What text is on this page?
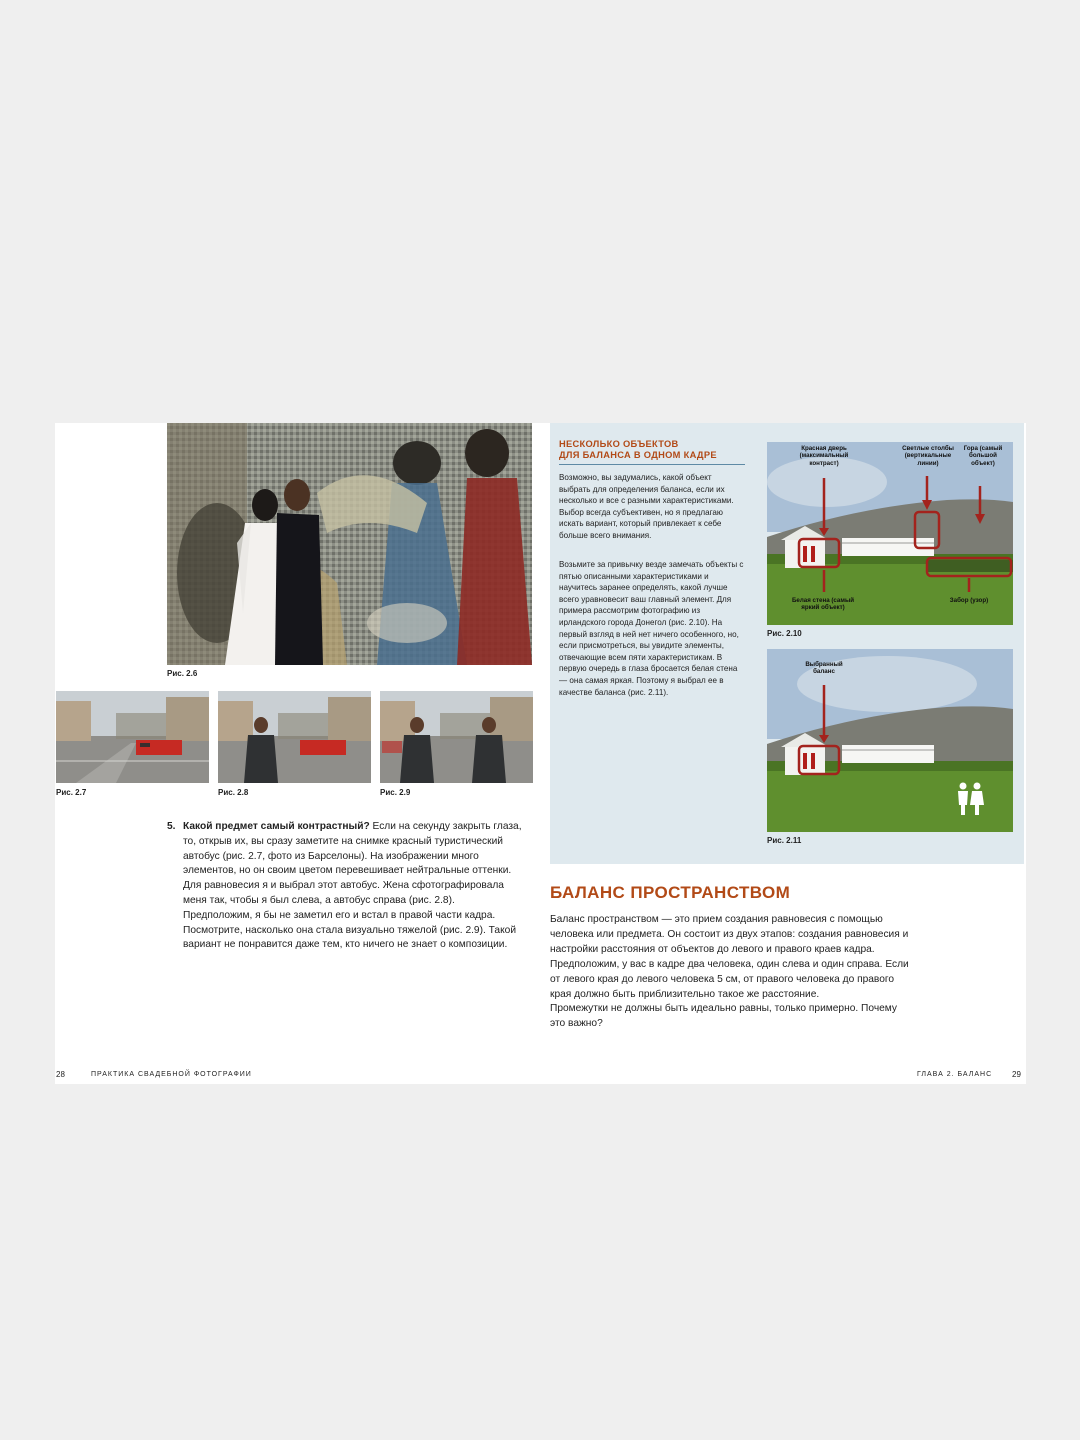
Рис. 2.6
Рис. 2.7	Рис. 2.8	Рис. 2.9
5. Какой предмет самый контрастный? Если на секунду закрыть глаза, то, открыв их, вы сразу заметите на снимке красный туристический автобус (рис. 2.7, фото из Барселоны). На изображении много элементов, но он своим цветом перевешивает нейтральные оттенки. Для равновесия я и выбрал этот автобус. Жена сфотографировала меня так, чтобы я был слева, а автобус справа (рис. 2.8). Предположим, я бы не заметил его и встал в правой части кадра. Посмотрите, насколько она стала визуально тяжелой (рис. 2.9). Такой вариант не понравится даже тем, кто ничего не знает о композиции.
28	ПРАКТИКА СВАДЕБНОЙ ФОТОГРАФИИ
НЕСКОЛЬКО ОБЪЕКТОВ
ДЛЯ БАЛАНСА В ОДНОМ КАДРЕ
Возможно, вы задумались, какой объект выбрать для определения баланса, если их несколько и все с разными характеристиками. Выбор всегда субъективен, но я предлагаю искать вариант, который привлекает к себе больше всего внимания.
Возьмите за привычку везде замечать объекты с пятью описанными характеристиками и научитесь заранее определять, какой лучше всего уравновесит ваш главный элемент. Для примера рассмотрим фотографию из ирландского города Донегол (рис. 2.10). На первый взгляд в ней нет ничего особенного, но, если присмотреться, вы увидите элементы, отвечающие всем пяти характеристикам. В первую очередь в глаза бросается белая стена — она самая яркая. Поэтому я выбрал ее в качестве баланса (рис. 2.11).
Красная дверь (максимальный контраст)
Светлые столбы (вертикальные линии)
Гора (самый большой объект)
Белая стена (самый яркий объект)
Забор (узор)
Рис. 2.10
Выбранный баланс
Рис. 2.11
БАЛАНС ПРОСТРАНСТВОМ
Баланс пространством — это прием создания равновесия с помощью человека или предмета. Он состоит из двух этапов: создания равновесия и настройки расстояния от объектов до левого и правого краев кадра.
Предположим, у вас в кадре два человека, один слева и один справа. Если от левого края до левого человека 5 см, от правого человека до правого края должно быть приблизительно такое же расстояние.
Промежутки не должны быть идеально равны, только примерно. Почему это важно?
ГЛАВА 2. БАЛАНС 29
